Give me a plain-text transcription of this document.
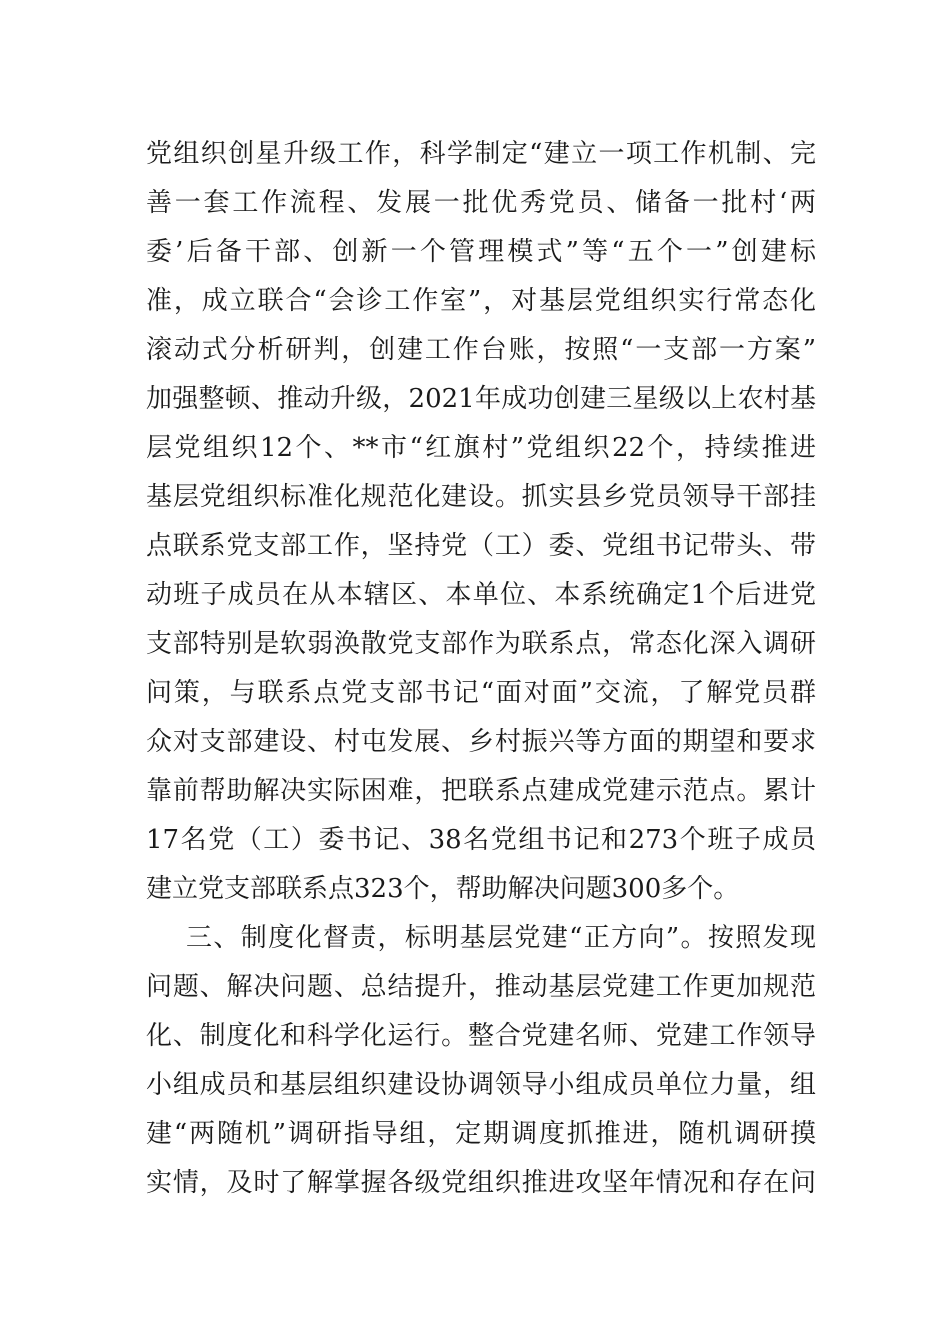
党组织创星升级工作，科学制定“建立一项工作机制、完
善一套工作流程、发展一批优秀党员、储备一批村‘两
委’后备干部、创新一个管理模式”等“五个一”创建标
准，成立联合“会诊工作室”，对基层党组织实行常态化
滚动式分析研判，创建工作台账，按照“一支部一方案”
加强整顿、推动升级，2021年成功创建三星级以上农村基
层党组织12个、**市“红旗村”党组织22个，持续推进
基层党组织标准化规范化建设。抓实县乡党员领导干部挂
点联系党支部工作，坚持党（工）委、党组书记带头、带
动班子成员在从本辖区、本单位、本系统确定1个后进党
支部特别是软弱涣散党支部作为联系点，常态化深入调研
问策，与联系点党支部书记“面对面”交流，了解党员群
众对支部建设、村屯发展、乡村振兴等方面的期望和要求
靠前帮助解决实际困难，把联系点建成党建示范点。累计
17名党（工）委书记、38名党组书记和273个班子成员
建立党支部联系点323个，帮助解决问题300多个。
三、制度化督责，标明基层党建“正方向”。按照发现
问题、解决问题、总结提升，推动基层党建工作更加规范
化、制度化和科学化运行。整合党建名师、党建工作领导
小组成员和基层组织建设协调领导小组成员单位力量，组
建“两随机”调研指导组，定期调度抓推进，随机调研摸
实情，及时了解掌握各级党组织推进攻坚年情况和存在问
